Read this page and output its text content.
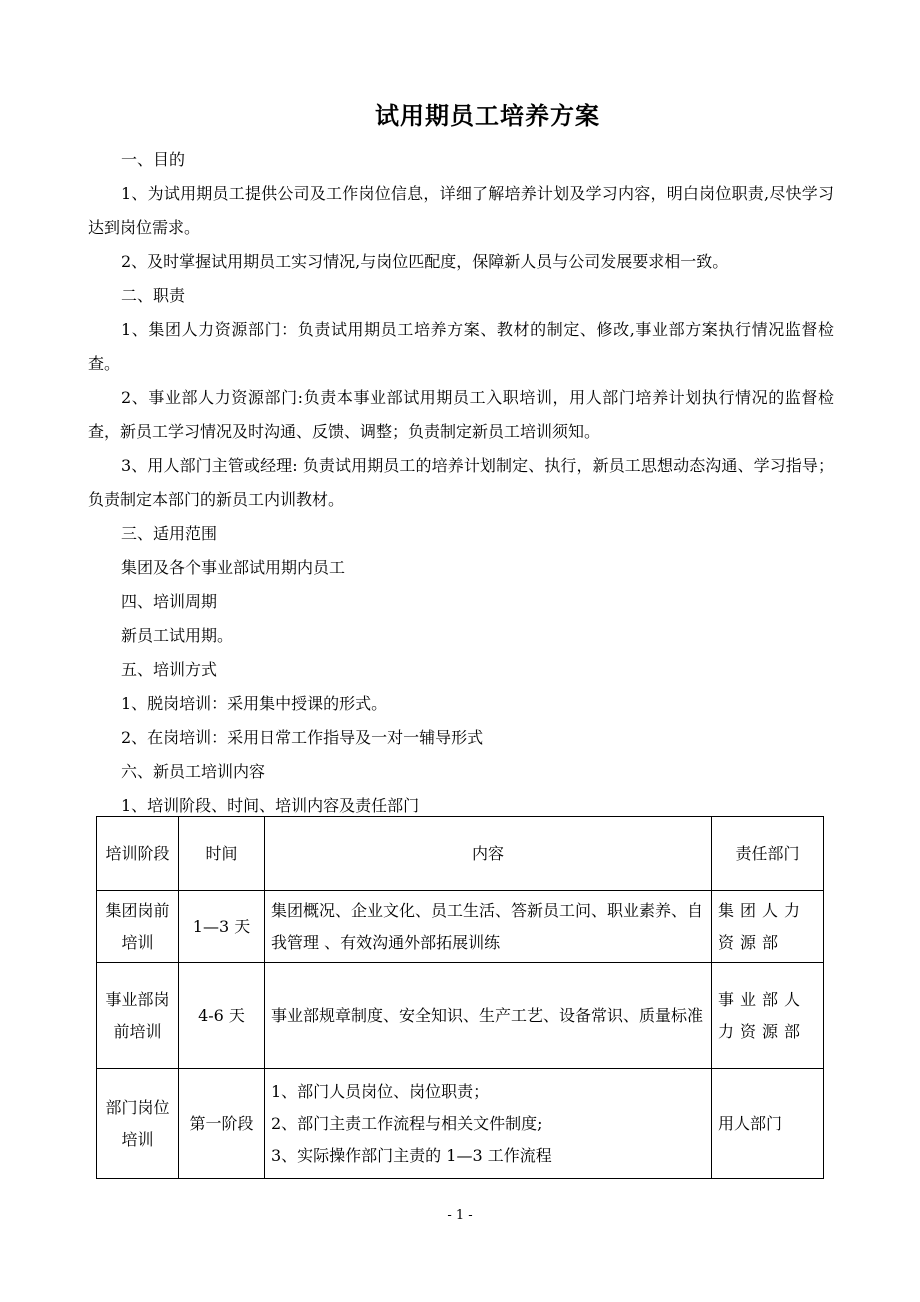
试用期员工培养方案
一、目的
1、为试用期员工提供公司及工作岗位信息，详细了解培养计划及学习内容，明白岗位职责,尽快学习达到岗位需求。
2、及时掌握试用期员工实习情况,与岗位匹配度，保障新人员与公司发展要求相一致。
二、职责
1、集团人力资源部门：负责试用期员工培养方案、教材的制定、修改,事业部方案执行情况监督检查。
2、事业部人力资源部门:负责本事业部试用期员工入职培训，用人部门培养计划执行情况的监督检查，新员工学习情况及时沟通、反馈、调整；负责制定新员工培训须知。
3、用人部门主管或经理: 负责试用期员工的培养计划制定、执行，新员工思想动态沟通、学习指导；负责制定本部门的新员工内训教材。
三、适用范围
集团及各个事业部试用期内员工
四、培训周期
新员工试用期。
五、培训方式
1、脱岗培训：采用集中授课的形式。
2、在岗培训：采用日常工作指导及一对一辅导形式
六、新员工培训内容
1、培训阶段、时间、培训内容及责任部门
培训阶段	时间	内容	责任部门
集团岗前培训	1—3 天	集团概况、企业文化、员工生活、答新员工问、职业素养、自我管理 、有效沟通外部拓展训练	集团人力资源部
事业部岗前培训	4-6 天	事业部规章制度、安全知识、生产工艺、设备常识、质量标准	事业部人力资源部
部门岗位培训	第一阶段	1、部门人员岗位、岗位职责；
2、部门主责工作流程与相关文件制度;
3、实际操作部门主责的 1—3 工作流程	用人部门
- 1 -
